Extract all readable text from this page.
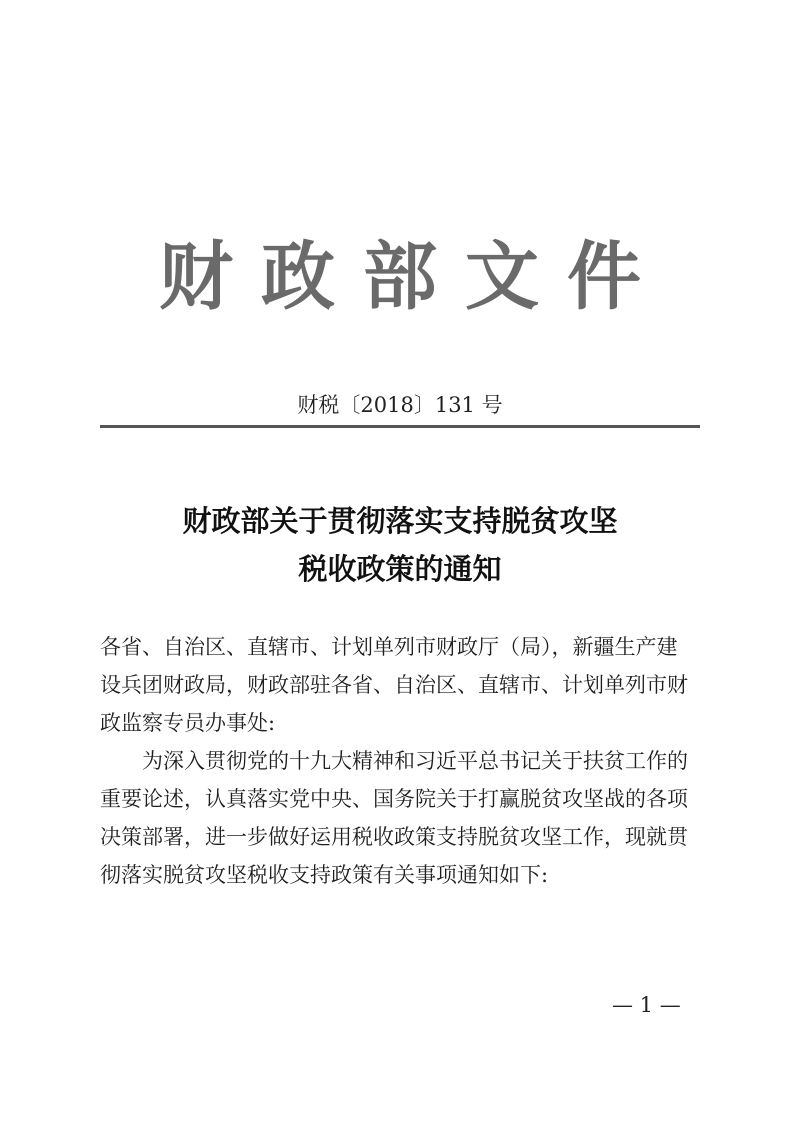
财政部文件
财税〔2018〕131 号
财政部关于贯彻落实支持脱贫攻坚
税收政策的通知
各省、自治区、直辖市、计划单列市财政厅（局），新疆生产建
设兵团财政局，财政部驻各省、自治区、直辖市、计划单列市财
政监察专员办事处:
为深入贯彻党的十九大精神和习近平总书记关于扶贫工作的
重要论述，认真落实党中央、国务院关于打赢脱贫攻坚战的各项
决策部署，进一步做好运用税收政策支持脱贫攻坚工作，现就贯
彻落实脱贫攻坚税收支持政策有关事项通知如下:
— 1 —
